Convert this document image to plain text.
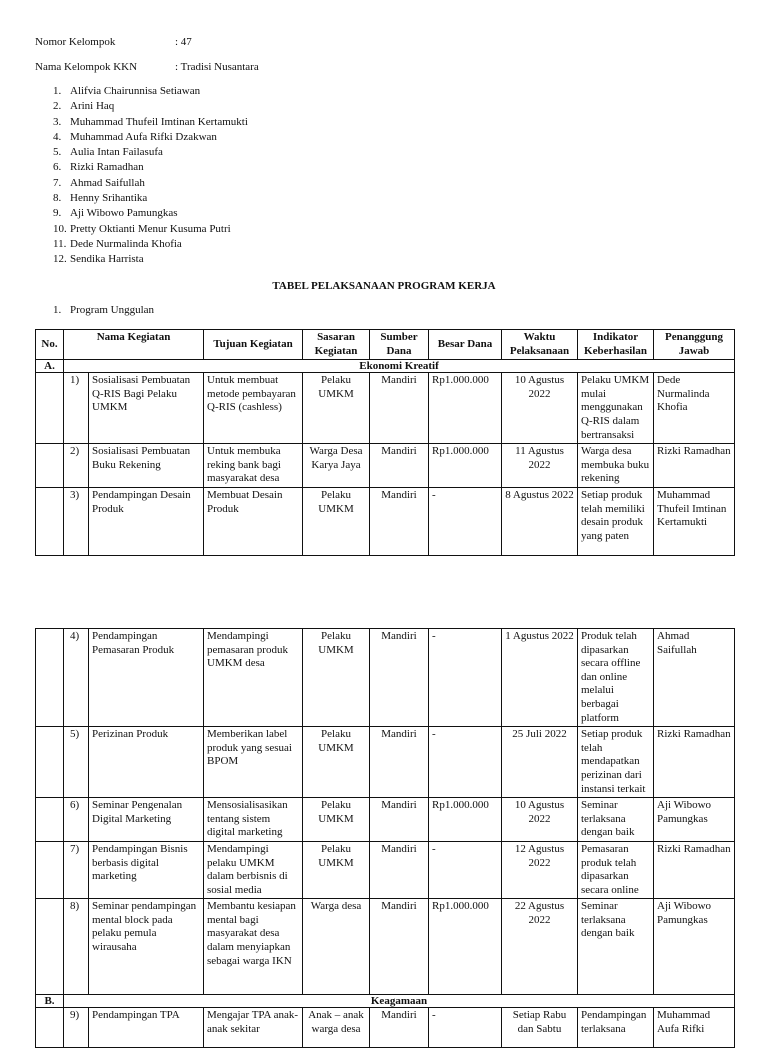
Nomor Kelompok	: 47
Nama Kelompok KKN	: Tradisi Nusantara
1. Alifvia Chairunnisa Setiawan
2. Arini Haq
3. Muhammad Thufeil Imtinan Kertamukti
4. Muhammad Aufa Rifki Dzakwan
5. Aulia Intan Failasufa
6. Rizki Ramadhan
7. Ahmad Saifullah
8. Henny Srihantika
9. Aji Wibowo Pamungkas
10. Pretty Oktianti Menur Kusuma Putri
11. Dede Nurmalinda Khofia
12. Sendika Harrista
TABEL PELAKSANAAN PROGRAM KERJA
1. Program Unggulan
No.	Nama Kegiatan		Tujuan Kegiatan	Sasaran Kegiatan	Sumber Dana	Besar Dana	Waktu Pelaksanaan	Indikator Keberhasilan	Penanggung Jawab
A.	Ekonomi Kreatif								
	1)	Sosialisasi Pembuatan Q-RIS Bagi Pelaku UMKM	Untuk membuat metode pembayaran Q-RIS (cashless)	Pelaku UMKM	Mandiri	Rp1.000.000	10 Agustus 2022	Pelaku UMKM mulai menggunakan Q-RIS dalam bertransaksi	Dede Nurmalinda Khofia
	2)	Sosialisasi Pembuatan Buku Rekening	Untuk membuka reking bank bagi masyarakat desa	Warga Desa Karya Jaya	Mandiri	Rp1.000.000	11 Agustus 2022	Warga desa membuka buku rekening	Rizki Ramadhan
	3)	Pendampingan Desain Produk	Membuat Desain Produk	Pelaku UMKM	Mandiri	-	8 Agustus 2022	Setiap produk telah memiliki desain produk yang paten	Muhammad Thufeil Imtinan Kertamukti
	4)	Pendampingan Pemasaran Produk	Mendampingi pemasaran produk UMKM desa	Pelaku UMKM	Mandiri	-	1 Agustus 2022	Produk telah dipasarkan secara offline dan online melalui berbagai platform	Ahmad Saifullah
	5)	Perizinan Produk	Memberikan label produk yang sesuai BPOM	Pelaku UMKM	Mandiri	-	25 Juli 2022	Setiap produk telah mendapatkan perizinan dari instansi terkait	Rizki Ramadhan
	6)	Seminar Pengenalan Digital Marketing	Mensosialisasikan tentang sistem digital marketing	Pelaku UMKM	Mandiri	Rp1.000.000	10 Agustus 2022	Seminar terlaksana dengan baik	Aji Wibowo Pamungkas
	7)	Pendampingan Bisnis berbasis digital marketing	Mendampingi pelaku UMKM dalam berbisnis di sosial media	Pelaku UMKM	Mandiri	-	12 Agustus 2022	Pemasaran produk telah dipasarkan secara online	Rizki Ramadhan
	8)	Seminar pendampingan mental block pada pelaku pemula wirausaha	Membantu kesiapan mental bagi masyarakat desa dalam menyiapkan sebagai warga IKN	Warga desa	Mandiri	Rp1.000.000	22 Agustus 2022	Seminar terlaksana dengan baik	Aji Wibowo Pamungkas
B.	Keagamaan								
	9)	Pendampingan TPA	Mengajar TPA anak-anak sekitar	Anak – anak warga desa	Mandiri	-	Setiap Rabu dan Sabtu	Pendampingan terlaksana	Muhammad Aufa Rifki
